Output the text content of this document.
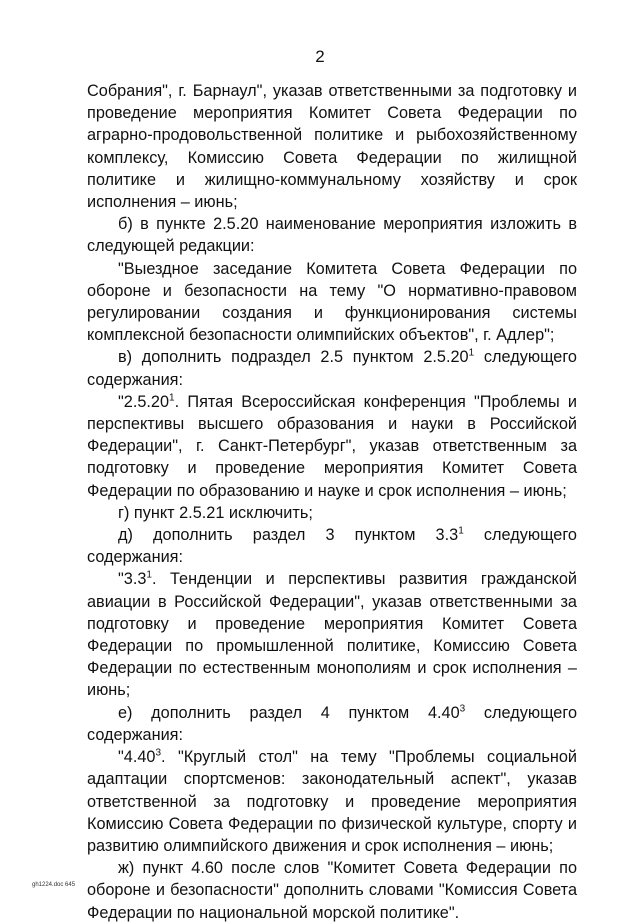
2

Собрания", г. Барнаул", указав ответственными за подготовку и проведение мероприятия Комитет Совета Федерации по аграрно-продовольственной политике и рыбохозяйственному комплексу, Комиссию Совета Федерации по жилищной политике и жилищно-коммунальному хозяйству и срок исполнения – июнь;

б) в пункте 2.5.20 наименование мероприятия изложить в следующей редакции:

"Выездное заседание Комитета Совета Федерации по обороне и безопасности на тему "О нормативно-правовом регулировании создания и функционирования системы комплексной безопасности олимпийских объектов", г. Адлер";

в) дополнить подраздел 2.5 пунктом 2.5.20$^1$ следующего содержания:

"2.5.20$^1$. Пятая Всероссийская конференция "Проблемы и перспективы высшего образования и науки в Российской Федерации", г. Санкт-Петербург", указав ответственным за подготовку и проведение мероприятия Комитет Совета Федерации по образованию и науке и срок исполнения – июнь;

г) пункт 2.5.21 исключить;

д) дополнить раздел 3 пунктом $3.3^1$ следующего содержания:

"$3.3^1$. Тенденции и перспективы развития гражданской авиации в Российской Федерации", указав ответственными за подготовку и проведение мероприятия Комитет Совета Федерации по промышленной политике, Комиссию Совета Федерации по естественным монополиям и срок исполнения – июнь;

е) дополнить раздел 4 пунктом 4.40$^3$ следующего содержания:

"4.40$^3$. "Круглый стол" на тему "Проблемы социальной адаптации спортсменов: законодательный аспект", указав ответственной за подготовку и проведение мероприятия Комиссию Совета Федерации по физической культуре, спорту и развитию олимпийского движения и срок исполнения – июнь;

ж) пункт 4.60 после слов "Комитет Совета Федерации по обороне и безопасности" дополнить словами "Комиссия Совета Федерации по национальной морской политике".

gh1224.doc 645
